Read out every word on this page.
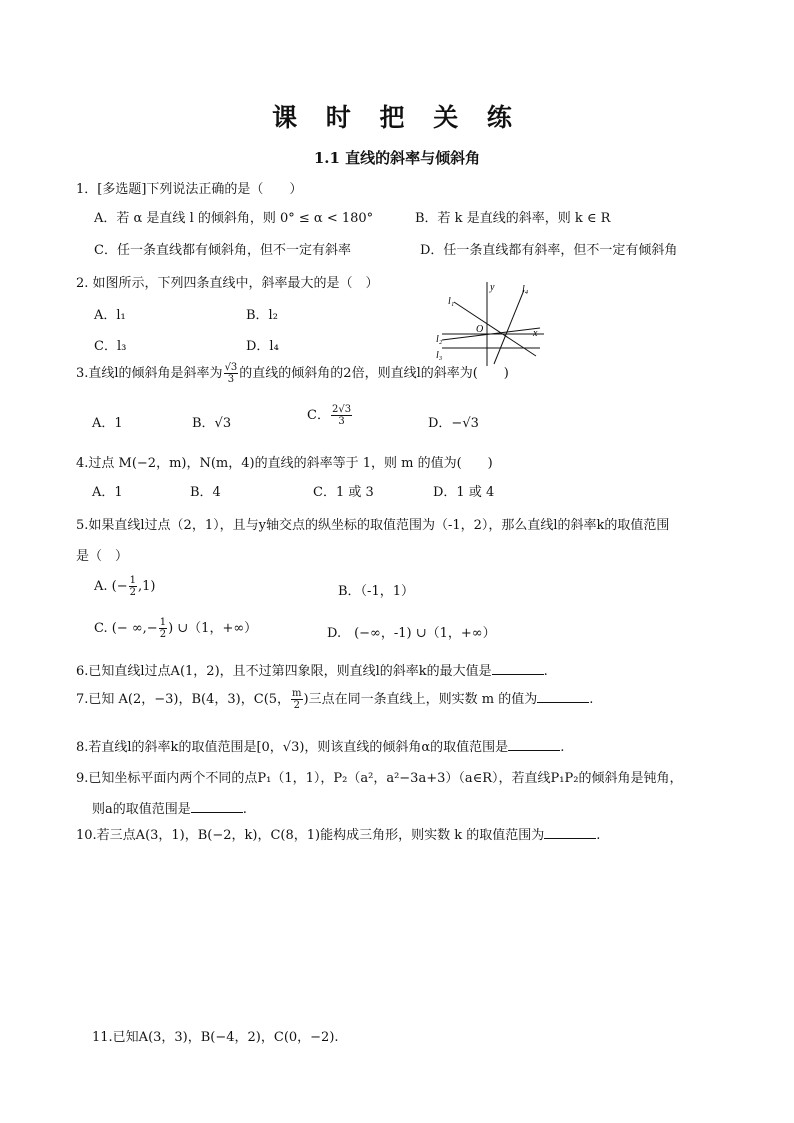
课 时 把 关 练
1.1 直线的斜率与倾斜角
1．[多选题]下列说法正确的是（　　）
A．若 α 是直线 l 的倾斜角，则 0° ≤ α < 180°	B．若 k 是直线的斜率，则 k ∈ R
C．任一条直线都有倾斜角，但不一定有斜率	D．任一条直线都有斜率，但不一定有倾斜角
2. 如图所示，下列四条直线中，斜率最大的是（　）
A．l₁	B．l₂
C．l₃	D．l₄
y
x
O
l₁
l₂
l₃
l₄
3.直线l的倾斜角是斜率为 $\frac{√3}{3}$ 的直线的倾斜角的2倍，则直线l的斜率为(　　)
A．1	B．√3
C． $\frac{2√3}{3}$	D．−√3
4.过点 M(−2，m)，N(m，4)的直线的斜率等于 1，则 m 的值为(　　)
A．1	B．4	C．1 或 3	D．1 或 4
5.如果直线l过点（2，1），且与y轴交点的纵坐标的取值范围为（-1，2），那么直线l的斜率k的取值范围
是（　）
A. (− $\frac{1}{2} ,1$)	B．（-1，1）
C. (− ∞,− $\frac{1}{2}$ ) ∪（1，+∞）	D.　(−∞，-1) ∪（1，+∞）
6.已知直线l过点A(1，2)，且不过第四象限，则直线l的斜率k的最大值是	.
7.已知 A(2，−3)，B(4，3)，C(5， $\frac{m}{2}$ )三点在同一条直线上，则实数 m 的值为	.
8.若直线l的斜率k的取值范围是[0，√3)，则该直线的倾斜角α的取值范围是	.
9.已知坐标平面内两个不同的点P₁（1，1），P₂（a²，a²−3a+3）（a∈R），若直线P₁P₂的倾斜角是钝角，
则a的取值范围是	.
10.若三点A(3，1)，B(−2，k)，C(8，1)能构成三角形，则实数 k 的取值范围为	.
11.已知A(3，3)，B(−4，2)，C(0，−2).
